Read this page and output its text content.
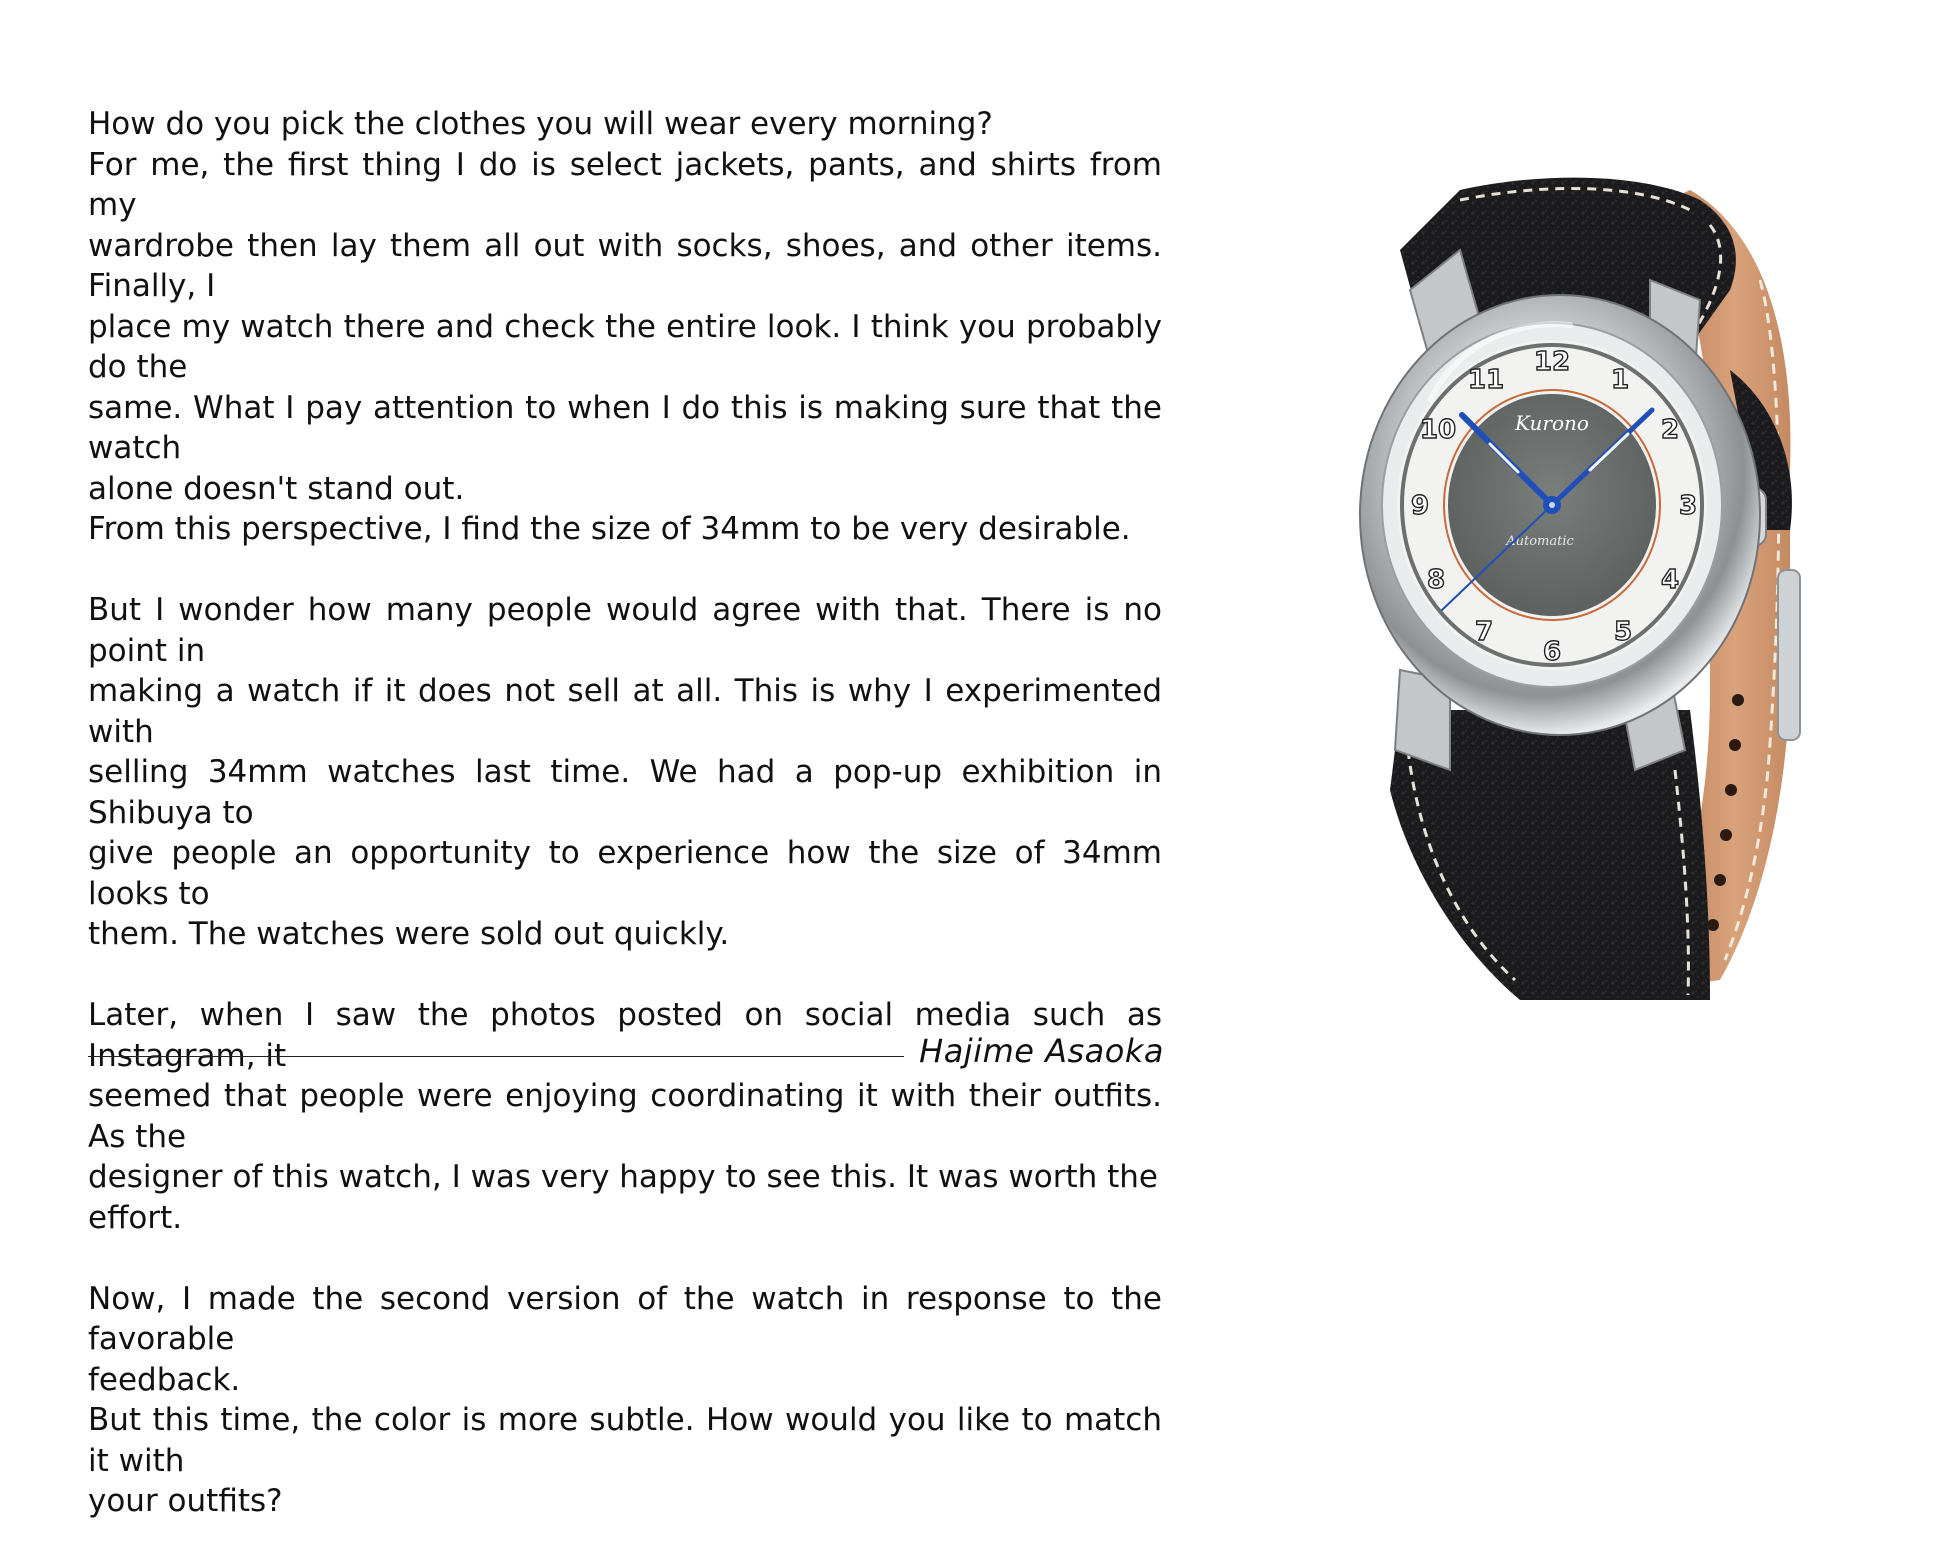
How do you pick the clothes you will wear every morning?
For me, the first thing I do is select jackets, pants, and shirts from my
wardrobe then lay them all out with socks, shoes, and other items. Finally, I
place my watch there and check the entire look. I think you probably do the
same. What I pay attention to when I do this is making sure that the watch
alone doesn't stand out.
From this perspective, I find the size of 34mm to be very desirable.
But I wonder how many people would agree with that. There is no point in
making a watch if it does not sell at all. This is why I experimented with
selling 34mm watches last time. We had a pop-up exhibition in Shibuya to
give people an opportunity to experience how the size of 34mm looks to
them. The watches were sold out quickly.
Later, when I saw the photos posted on social media such as Instagram, it
seemed that people were enjoying coordinating it with their outfits. As the
designer of this watch, I was very happy to see this. It was worth the effort.
Now, I made the second version of the watch in response to the favorable
feedback.
But this time, the color is more subtle. How would you like to match it with
your outfits?
Hajime Asaoka
12
1
2
3
4
5
6
7
8
9
10
11
Kurono
Automatic
